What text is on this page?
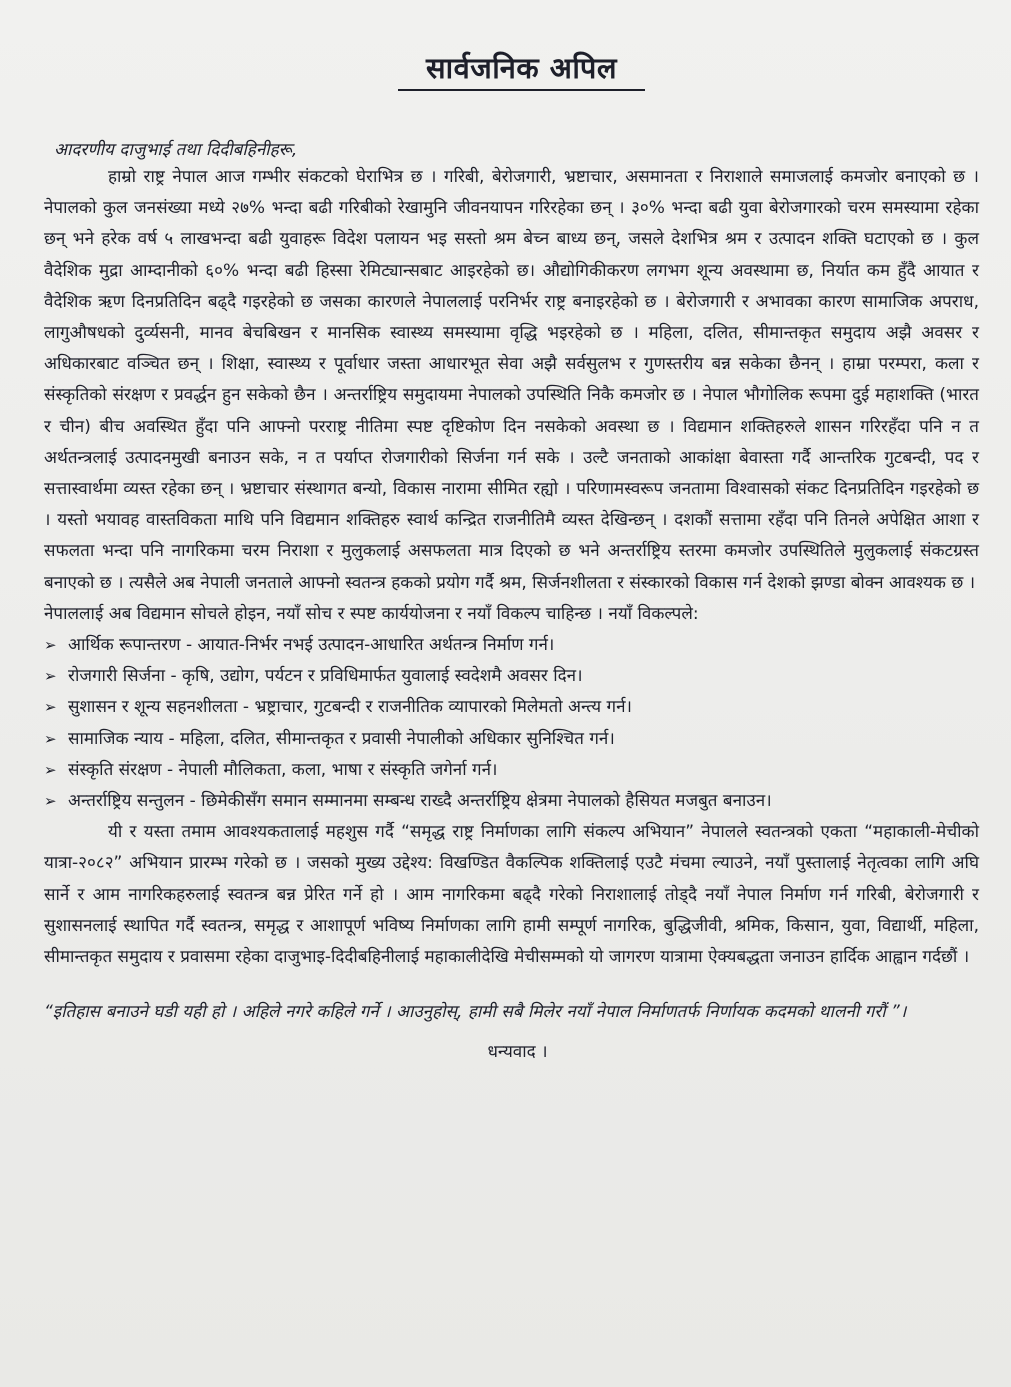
सार्वजनिक अपिल
आदरणीय दाजुभाई तथा दिदीबहिनीहरू,

हाम्रो राष्ट्र नेपाल आज गम्भीर संकटको घेराभित्र छ । गरिबी, बेरोजगारी, भ्रष्टाचार, असमानता र निराशाले समाजलाई कमजोर बनाएको छ । नेपालको कुल जनसंख्या मध्ये २७% भन्दा बढी गरिबीको रेखामुनि जीवनयापन गरिरहेका छन् । ३०% भन्दा बढी युवा बेरोजगारको चरम समस्यामा रहेका छन् भने हरेक वर्ष ५ लाखभन्दा बढी युवाहरू विदेश पलायन भइ सस्तो श्रम बेच्न बाध्य छन्, जसले देशभित्र श्रम र उत्पादन शक्ति घटाएको छ । कुल वैदेशिक मुद्रा आम्दानीको ६०% भन्दा बढी हिस्सा रेमिट्यान्सबाट आइरहेको छ। औद्योगिकीकरण लगभग शून्य अवस्थामा छ, निर्यात कम हुँदै आयात र वैदेशिक ऋण दिनप्रतिदिन बढ्दै गइरहेको छ जसका कारणले नेपाललाई परनिर्भर राष्ट्र बनाइरहेको छ । बेरोजगारी र अभावका कारण सामाजिक अपराध, लागुऔषधको दुर्व्यसनी, मानव बेचबिखन र मानसिक स्वास्थ्य समस्यामा वृद्धि भइरहेको छ । महिला, दलित, सीमान्तकृत समुदाय अझै अवसर र अधिकारबाट वञ्चित छन् । शिक्षा, स्वास्थ्य र पूर्वाधार जस्ता आधारभूत सेवा अझै सर्वसुलभ र गुणस्तरीय बन्न सकेका छैनन् । हाम्रा परम्परा, कला र संस्कृतिको संरक्षण र प्रवर्द्धन हुन सकेको छैन । अन्तर्राष्ट्रिय समुदायमा नेपालको उपस्थिति निकै कमजोर छ । नेपाल भौगोलिक रूपमा दुई महाशक्ति (भारत र चीन) बीच अवस्थित हुँदा पनि आफ्नो परराष्ट्र नीतिमा स्पष्ट दृष्टिकोण दिन नसकेको अवस्था छ । विद्यमान शक्तिहरुले शासन गरिरहँदा पनि न त अर्थतन्त्रलाई उत्पादनमुखी बनाउन सके, न त पर्याप्त रोजगारीको सिर्जना गर्न सके । उल्टै जनताको आकांक्षा बेवास्ता गर्दै आन्तरिक गुटबन्दी, पद र सत्तास्वार्थमा व्यस्त रहेका छन् । भ्रष्टाचार संस्थागत बन्यो, विकास नारामा सीमित रह्यो । परिणामस्वरूप जनतामा विश्वासको संकट दिनप्रतिदिन गइरहेको छ । यस्तो भयावह वास्तविकता माथि पनि विद्यमान शक्तिहरु स्वार्थ कन्द्रित राजनीतिमै व्यस्त देखिन्छन् । दशकौं सत्तामा रहँदा पनि तिनले अपेक्षित आशा र सफलता भन्दा पनि नागरिकमा चरम निराशा र मुलुकलाई असफलता मात्र दिएको छ भने अन्तर्राष्ट्रिय स्तरमा कमजोर उपस्थितिले मुलुकलाई संकटग्रस्त बनाएको छ । त्यसैले अब नेपाली जनताले आफ्नो स्वतन्त्र हकको प्रयोग गर्दै श्रम, सिर्जनशीलता र संस्कारको विकास गर्न देशको झण्डा बोक्न आवश्यक छ ।

नेपाललाई अब विद्यमान सोचले होइन, नयाँ सोच र स्पष्ट कार्ययोजना र नयाँ विकल्प चाहिन्छ । नयाँ विकल्पले:

➢ आर्थिक रूपान्तरण - आयात-निर्भर नभई उत्पादन-आधारित अर्थतन्त्र निर्माण गर्न।
➢ रोजगारी सिर्जना - कृषि, उद्योग, पर्यटन र प्रविधिमार्फत युवालाई स्वदेशमै अवसर दिन।
➢ सुशासन र शून्य सहनशीलता - भ्रष्ट्राचार, गुटबन्दी र राजनीतिक व्यापारको मिलेमतो अन्त्य गर्न।
➢ सामाजिक न्याय - महिला, दलित, सीमान्तकृत र प्रवासी नेपालीको अधिकार सुनिश्चित गर्न।
➢ संस्कृति संरक्षण - नेपाली मौलिकता, कला, भाषा र संस्कृति जगेर्ना गर्न।
➢ अन्तर्राष्ट्रिय सन्तुलन - छिमेकीसँग समान सम्मानमा सम्बन्ध राख्दै अन्तर्राष्ट्रिय क्षेत्रमा नेपालको हैसियत मजबुत बनाउन।

यी र यस्ता तमाम आवश्यकतालाई महशुस गर्दै “समृद्ध राष्ट्र निर्माणका लागि संकल्प अभियान” नेपालले स्वतन्त्रको एकता “महाकाली-मेचीको यात्रा-२०८२” अभियान प्रारम्भ गरेको छ । जसको मुख्य उद्देश्य: विखण्डित वैकल्पिक शक्तिलाई एउटै मंचमा ल्याउने, नयाँ पुस्तालाई नेतृत्वका लागि अघि सार्ने र आम नागरिकहरुलाई स्वतन्त्र बन्न प्रेरित गर्ने हो । आम नागरिकमा बढ्दै गरेको निराशालाई तोड्दै नयाँ नेपाल निर्माण गर्न गरिबी, बेरोजगारी र सुशासनलाई स्थापित गर्दै स्वतन्त्र, समृद्ध र आशापूर्ण भविष्य निर्माणका लागि हामी सम्पूर्ण नागरिक, बुद्धिजीवी, श्रमिक, किसान, युवा, विद्यार्थी, महिला, सीमान्तकृत समुदाय र प्रवासमा रहेका दाजुभाइ-दिदीबहिनीलाई महाकालीदेखि मेचीसम्मको यो जागरण यात्रामा ऐक्यबद्धता जनाउन हार्दिक आह्वान गर्दछौं ।

“इतिहास बनाउने घडी यही हो । अहिले नगरे कहिले गर्ने । आउनुहोस्, हामी सबै मिलेर नयाँ नेपाल निर्माणतर्फ निर्णायक कदमको थालनी गरौं ”।
धन्यवाद ।
